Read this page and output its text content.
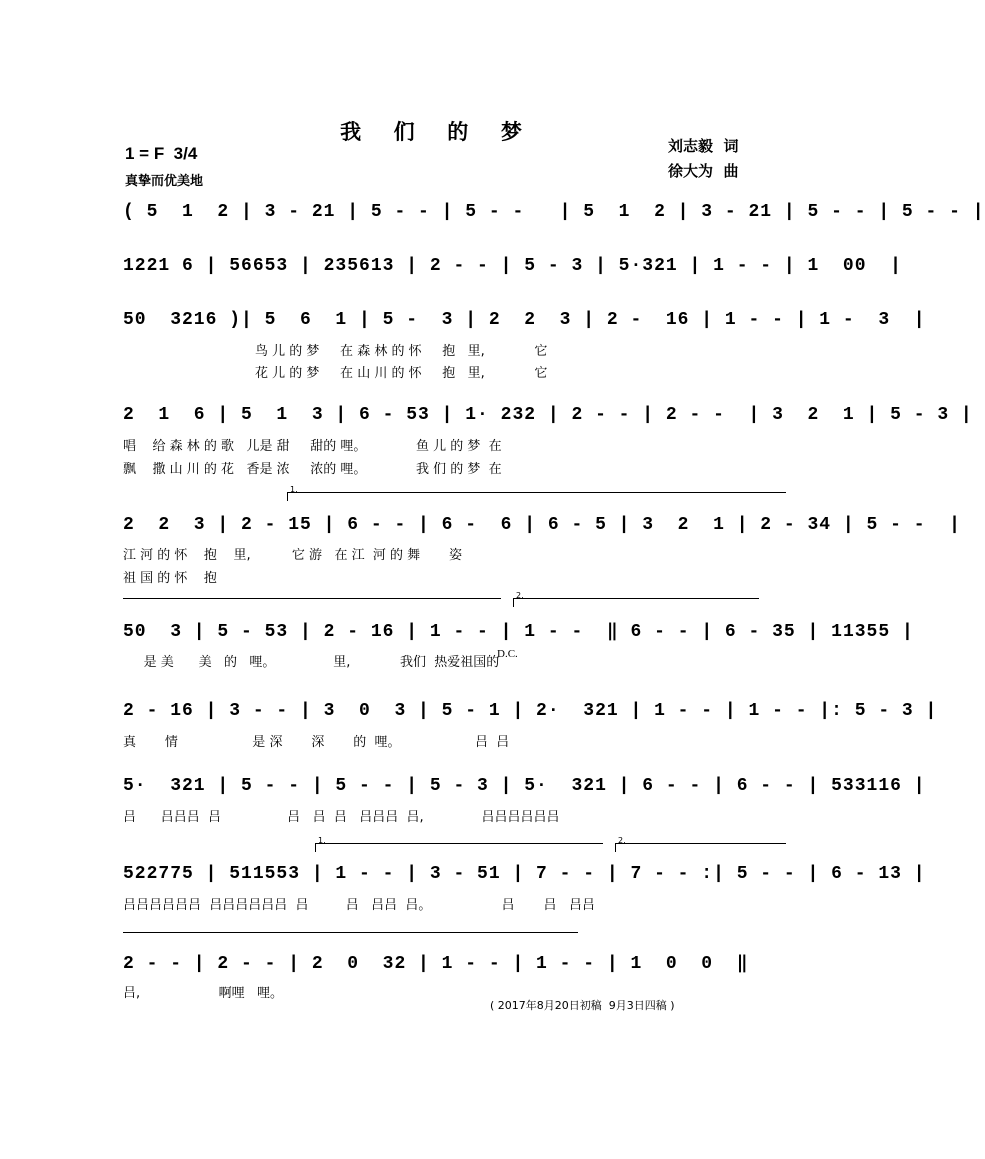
我  们  的  梦
1 = F  3/4
真挚而优美地
刘志毅  词
徐大为  曲
( 5  1  2 | 3 - 21 | 5 - - | 5 - -   | 5  1  2 | 3 - 21 | 5 - - | 5 - - |
1221 6 | 56653 | 235613 | 2 - - | 5 - 3 | 5·321 | 1 - - | 1  00  |
50  3216 )| 5  6  1 | 5 -  3 | 2  2  3 | 2 -  16 | 1 - - | 1 -  3  |
鸟 儿 的 梦     在 森 林 的 怀     抱   里,            它
花 儿 的 梦     在 山 川 的 怀     抱   里,            它
2  1  6 | 5  1  3 | 6 - 53 | 1· 232 | 2 - - | 2 - -  | 3  2  1 | 5 - 3 |
唱    给 森 林 的 歌   儿是 甜     甜的 哩。            鱼 儿 的 梦  在
飘    撒 山 川 的 花   香是 浓     浓的 哩。            我 们 的 梦  在
1.
2  2  3 | 2 - 15 | 6 - - | 6 -  6 | 6 - 5 | 3  2  1 | 2 - 34 | 5 - -  |
江 河 的 怀    抱    里,          它 游   在 江  河 的 舞       姿
祖 国 的 怀    抱
2.
50  3 | 5 - 53 | 2 - 16 | 1 - - | 1 - -  ‖ 6 - - | 6 - 35 | 11355 |
D.C.
是 美      美   的   哩。              里,            我们  热爱祖国的
2 - 16 | 3 - - | 3  0  3 | 5 - 1 | 2·  321 | 1 - - | 1 - - |: 5 - 3 |
真       情                  是 深       深       的  哩。                  吕  吕
5·  321 | 5 - - | 5 - - | 5 - 3 | 5·  321 | 6 - - | 6 - - | 533116 |
吕      吕吕吕  吕                吕   吕  吕   吕吕吕  吕,              吕吕吕吕吕吕
1.	2.
522775 | 511553 | 1 - - | 3 - 51 | 7 - - | 7 - - :| 5 - - | 6 - 13 |
吕吕吕吕吕吕  吕吕吕吕吕吕  吕         吕   吕吕  吕。                 吕       吕   吕吕
2 - - | 2 - - | 2  0  32 | 1 - - | 1 - - | 1  0  0  ‖
吕,                   啊哩   哩。
( 2017年8月20日初稿  9月3日四稿 )
